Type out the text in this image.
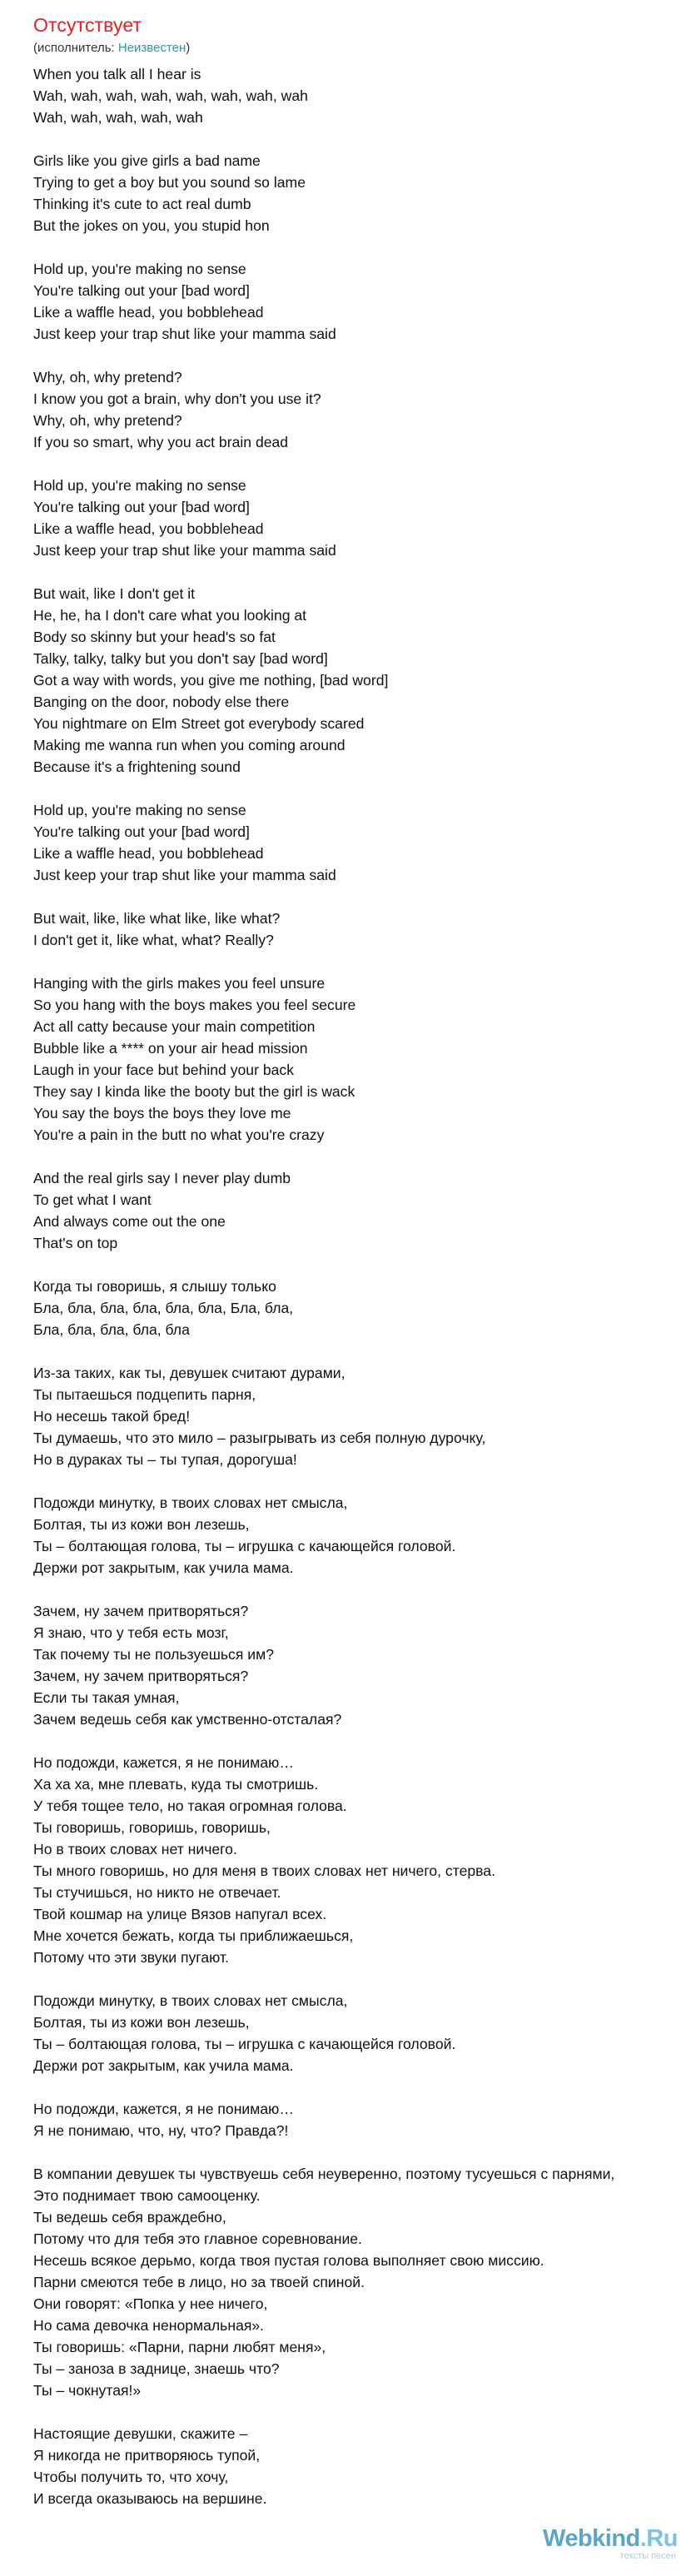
Отсутствует
(исполнитель: Неизвестен)
When you talk all I hear is
Wah, wah, wah, wah, wah, wah, wah, wah
Wah, wah, wah, wah, wah
Girls like you give girls a bad name
Trying to get a boy but you sound so lame
Thinking it's cute to act real dumb
But the jokes on you, you stupid hon
Hold up, you're making no sense
You're talking out your [bad word]
Like a waffle head, you bobblehead
Just keep your trap shut like your mamma said
Why, oh, why pretend?
I know you got a brain, why don't you use it?
Why, oh, why pretend?
If you so smart, why you act brain dead
Hold up, you're making no sense
You're talking out your [bad word]
Like a waffle head, you bobblehead
Just keep your trap shut like your mamma said
But wait, like I don't get it
He, he, ha I don't care what you looking at
Body so skinny but your head's so fat
Talky, talky, talky but you don't say [bad word]
Got a way with words, you give me nothing, [bad word]
Banging on the door, nobody else there
You nightmare on Elm Street got everybody scared
Making me wanna run when you coming around
Because it's a frightening sound
Hold up, you're making no sense
You're talking out your [bad word]
Like a waffle head, you bobblehead
Just keep your trap shut like your mamma said
But wait, like, like what like, like what?
I don't get it, like what, what? Really?
Hanging with the girls makes you feel unsure
So you hang with the boys makes you feel secure
Act all catty because your main competition
Bubble like a **** on your air head mission
Laugh in your face but behind your back
They say I kinda like the booty but the girl is wack
You say the boys the boys they love me
You're a pain in the butt no what you're crazy
And the real girls say I never play dumb
To get what I want
And always come out the one
That's on top
Когда ты говоришь, я слышу только
Бла, бла, бла, бла, бла, бла, Бла, бла,
Бла, бла, бла, бла, бла
Из-за таких, как ты, девушек считают дурами,
Ты пытаешься подцепить парня,
Но несешь такой бред!
Ты думаешь, что это мило – разыгрывать из себя полную дурочку,
Но в дураках ты – ты тупая, дорогуша!
Подожди минутку, в твоих словах нет смысла,
Болтая, ты из кожи вон лезешь,
Ты – болтающая голова, ты – игрушка с качающейся головой.
Держи рот закрытым, как учила мама.
Зачем, ну зачем притворяться?
Я знаю, что у тебя есть мозг,
Так почему ты не пользуешься им?
Зачем, ну зачем притворяться?
Если ты такая умная,
Зачем ведешь себя как умственно-отсталая?
Но подожди, кажется, я не понимаю…
Ха ха ха, мне плевать, куда ты смотришь.
У тебя тощее тело, но такая огромная голова.
Ты говоришь, говоришь, говоришь,
Но в твоих словах нет ничего.
Ты много говоришь, но для меня в твоих словах нет ничего, стерва.
Ты стучишься, но никто не отвечает.
Твой кошмар на улице Вязов напугал всех.
Мне хочется бежать, когда ты приближаешься,
Потому что эти звуки пугают.
Подожди минутку, в твоих словах нет смысла,
Болтая, ты из кожи вон лезешь,
Ты – болтающая голова, ты – игрушка с качающейся головой.
Держи рот закрытым, как учила мама.
Но подожди, кажется, я не понимаю…
Я не понимаю, что, ну, что? Правда?!
В компании девушек ты чувствуешь себя неуверенно, поэтому тусуешься с парнями,
Это поднимает твою самооценку.
Ты ведешь себя враждебно,
Потому что для тебя это главное соревнование.
Несешь всякое дерьмо, когда твоя пустая голова выполняет свою миссию.
Парни смеются тебе в лицо, но за твоей спиной.
Они говорят: «Попка у нее ничего,
Но сама девочка ненормальная».
Ты говоришь: «Парни, парни любят меня»,
Ты – заноза в заднице, знаешь что?
Ты – чокнутая!»
Настоящие девушки, скажите –
Я никогда не притворяюсь тупой,
Чтобы получить то, что хочу,
И всегда оказываюсь на вершине.
Webkind.Ru
тексты песен
